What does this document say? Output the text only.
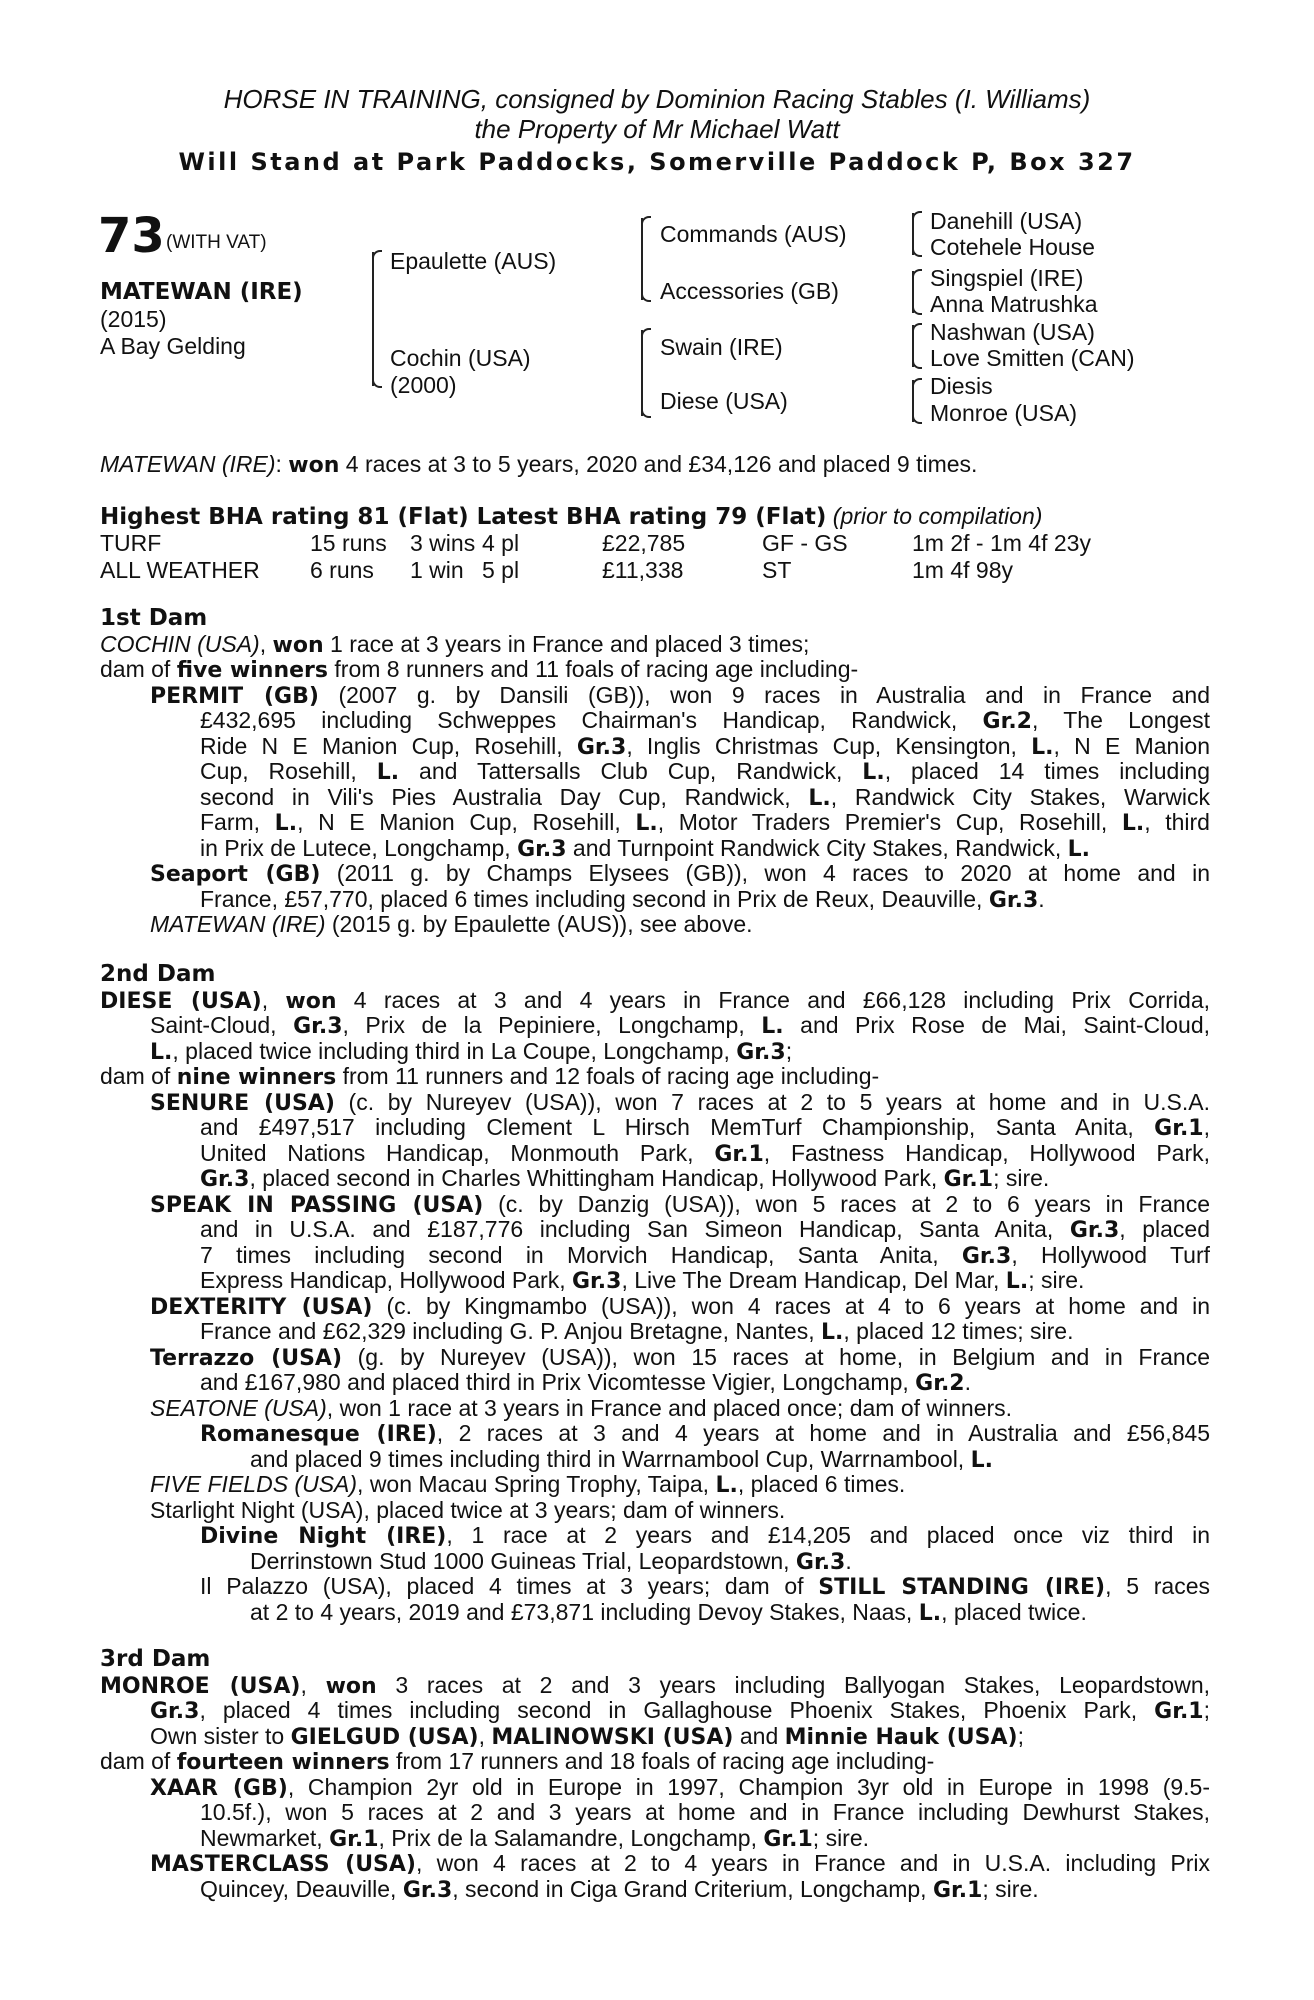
HORSE IN TRAINING, consigned by Dominion Racing Stables (I. Williams)
the Property of Mr Michael Watt
Will Stand at Park Paddocks, Somerville Paddock P, Box 327
73 (WITH VAT)
MATEWAN (IRE)
(2015)
A Bay Gelding
Epaulette (AUS)
Cochin (USA)
(2000)
Commands (AUS)
Accessories (GB)
Swain (IRE)
Diese (USA)
Danehill (USA)
Cotehele House
Singspiel (IRE)
Anna Matrushka
Nashwan (USA)
Love Smitten (CAN)
Diesis
Monroe (USA)
MATEWAN (IRE): won 4 races at 3 to 5 years, 2020 and £34,126 and placed 9 times.
Highest BHA rating 81 (Flat) Latest BHA rating 79 (Flat) (prior to compilation)
TURF	15 runs	3 wins	4 pl	£22,785	GF - GS	1m 2f - 1m 4f 23y
ALL WEATHER	6 runs	1 win	5 pl	£11,338	ST	1m 4f 98y
1st Dam
COCHIN (USA), won 1 race at 3 years in France and placed 3 times;
dam of five winners from 8 runners and 11 foals of racing age including-
PERMIT (GB) (2007 g. by Dansili (GB)), won 9 races in Australia and in France and
£432,695 including Schweppes Chairman's Handicap, Randwick, Gr.2, The Longest
Ride N E Manion Cup, Rosehill, Gr.3, Inglis Christmas Cup, Kensington, L., N E Manion
Cup, Rosehill, L. and Tattersalls Club Cup, Randwick, L., placed 14 times including
second in Vili's Pies Australia Day Cup, Randwick, L., Randwick City Stakes, Warwick
Farm, L., N E Manion Cup, Rosehill, L., Motor Traders Premier's Cup, Rosehill, L., third
in Prix de Lutece, Longchamp, Gr.3 and Turnpoint Randwick City Stakes, Randwick, L.
Seaport (GB) (2011 g. by Champs Elysees (GB)), won 4 races to 2020 at home and in
France, £57,770, placed 6 times including second in Prix de Reux, Deauville, Gr.3.
MATEWAN (IRE) (2015 g. by Epaulette (AUS)), see above.
2nd Dam
DIESE (USA), won 4 races at 3 and 4 years in France and £66,128 including Prix Corrida,
Saint-Cloud, Gr.3, Prix de la Pepiniere, Longchamp, L. and Prix Rose de Mai, Saint-Cloud,
L., placed twice including third in La Coupe, Longchamp, Gr.3;
dam of nine winners from 11 runners and 12 foals of racing age including-
SENURE (USA) (c. by Nureyev (USA)), won 7 races at 2 to 5 years at home and in U.S.A.
and £497,517 including Clement L Hirsch MemTurf Championship, Santa Anita, Gr.1,
United Nations Handicap, Monmouth Park, Gr.1, Fastness Handicap, Hollywood Park,
Gr.3, placed second in Charles Whittingham Handicap, Hollywood Park, Gr.1; sire.
SPEAK IN PASSING (USA) (c. by Danzig (USA)), won 5 races at 2 to 6 years in France
and in U.S.A. and £187,776 including San Simeon Handicap, Santa Anita, Gr.3, placed
7 times including second in Morvich Handicap, Santa Anita, Gr.3, Hollywood Turf
Express Handicap, Hollywood Park, Gr.3, Live The Dream Handicap, Del Mar, L.; sire.
DEXTERITY (USA) (c. by Kingmambo (USA)), won 4 races at 4 to 6 years at home and in
France and £62,329 including G. P. Anjou Bretagne, Nantes, L., placed 12 times; sire.
Terrazzo (USA) (g. by Nureyev (USA)), won 15 races at home, in Belgium and in France
and £167,980 and placed third in Prix Vicomtesse Vigier, Longchamp, Gr.2.
SEATONE (USA), won 1 race at 3 years in France and placed once; dam of winners.
Romanesque (IRE), 2 races at 3 and 4 years at home and in Australia and £56,845
and placed 9 times including third in Warrnambool Cup, Warrnambool, L.
FIVE FIELDS (USA), won Macau Spring Trophy, Taipa, L., placed 6 times.
Starlight Night (USA), placed twice at 3 years; dam of winners.
Divine Night (IRE), 1 race at 2 years and £14,205 and placed once viz third in
Derrinstown Stud 1000 Guineas Trial, Leopardstown, Gr.3.
Il Palazzo (USA), placed 4 times at 3 years; dam of STILL STANDING (IRE), 5 races
at 2 to 4 years, 2019 and £73,871 including Devoy Stakes, Naas, L., placed twice.
3rd Dam
MONROE (USA), won 3 races at 2 and 3 years including Ballyogan Stakes, Leopardstown,
Gr.3, placed 4 times including second in Gallaghouse Phoenix Stakes, Phoenix Park, Gr.1;
Own sister to GIELGUD (USA), MALINOWSKI (USA) and Minnie Hauk (USA);
dam of fourteen winners from 17 runners and 18 foals of racing age including-
XAAR (GB), Champion 2yr old in Europe in 1997, Champion 3yr old in Europe in 1998 (9.5-
10.5f.), won 5 races at 2 and 3 years at home and in France including Dewhurst Stakes,
Newmarket, Gr.1, Prix de la Salamandre, Longchamp, Gr.1; sire.
MASTERCLASS (USA), won 4 races at 2 to 4 years in France and in U.S.A. including Prix
Quincey, Deauville, Gr.3, second in Ciga Grand Criterium, Longchamp, Gr.1; sire.
